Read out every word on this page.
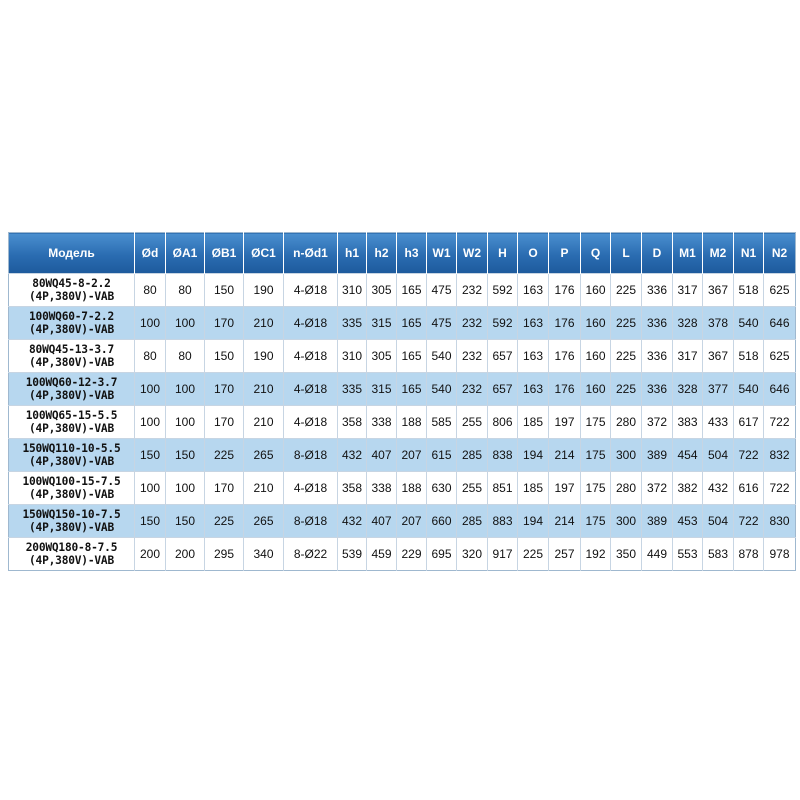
Модель	Ød	ØA1	ØB1	ØC1	n-Ød1	h1	h2	h3	W1	W2	H	O	P	Q	L	D	M1	M2	N1	N2

80WQ45-8-2.2
(4P,380V)-VAB	80	80	150	190	4-Ø18	310	305	165	475	232	592	163	176	160	225	336	317	367	518	625

100WQ60-7-2.2
(4P,380V)-VAB	100	100	170	210	4-Ø18	335	315	165	475	232	592	163	176	160	225	336	328	378	540	646

80WQ45-13-3.7
(4P,380V)-VAB	80	80	150	190	4-Ø18	310	305	165	540	232	657	163	176	160	225	336	317	367	518	625

100WQ60-12-3.7
(4P,380V)-VAB	100	100	170	210	4-Ø18	335	315	165	540	232	657	163	176	160	225	336	328	377	540	646

100WQ65-15-5.5
(4P,380V)-VAB	100	100	170	210	4-Ø18	358	338	188	585	255	806	185	197	175	280	372	383	433	617	722

150WQ110-10-5.5
(4P,380V)-VAB	150	150	225	265	8-Ø18	432	407	207	615	285	838	194	214	175	300	389	454	504	722	832

100WQ100-15-7.5
(4P,380V)-VAB	100	100	170	210	4-Ø18	358	338	188	630	255	851	185	197	175	280	372	382	432	616	722

150WQ150-10-7.5
(4P,380V)-VAB	150	150	225	265	8-Ø18	432	407	207	660	285	883	194	214	175	300	389	453	504	722	830

200WQ180-8-7.5
(4P,380V)-VAB	200	200	295	340	8-Ø22	539	459	229	695	320	917	225	257	192	350	449	553	583	878	978
